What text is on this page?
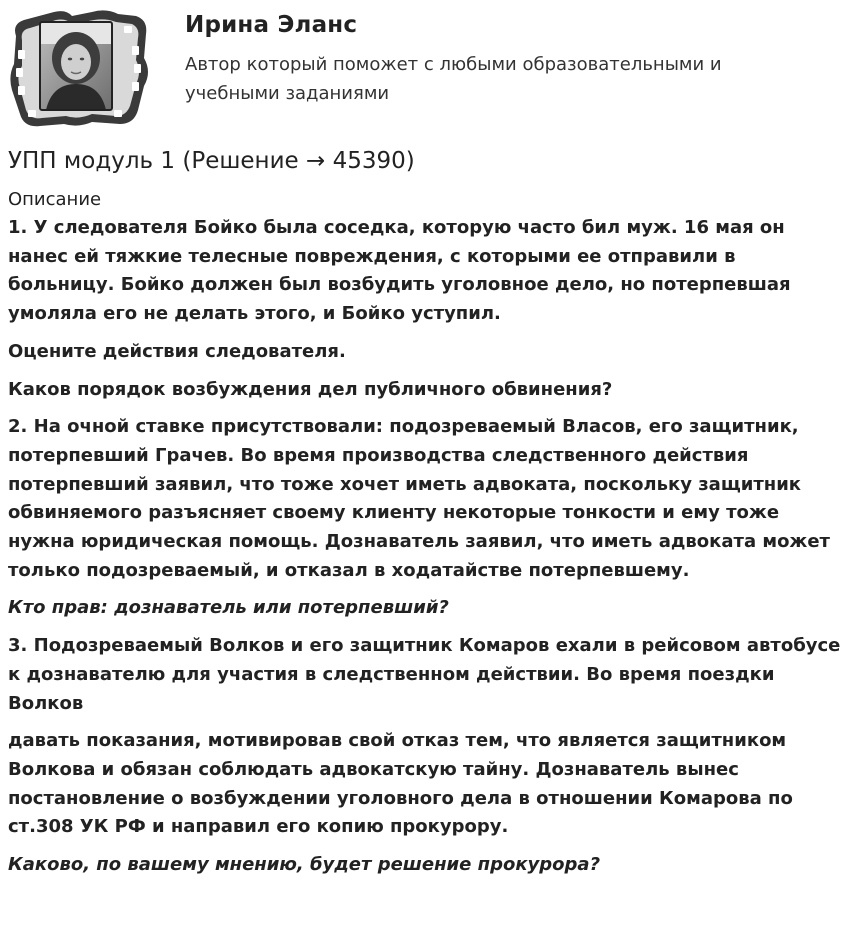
Ирина Эланс
Автор который поможет с любыми образовательными и учебными заданиями
УПП модуль 1 (Решение → 45390)
Описание

1. У следователя Бойко была соседка, которую часто бил муж. 16 мая он нанес ей тяжкие телесные повреждения, с которыми ее отправили в больницу. Бойко должен был возбудить уголовное дело, но потерпевшая умоляла его не делать этого, и Бойко уступил.

Оцените действия следователя.

Каков порядок возбуждения дел публичного обвинения?

2. На очной ставке присутствовали: подозреваемый Власов, его защитник, потерпевший Грачев. Во время производства следственного действия потерпевший заявил, что тоже хочет иметь адвоката, поскольку защитник обвиняемого разъясняет своему клиенту некоторые тонкости и ему тоже нужна юридическая помощь. Дознаватель заявил, что иметь адвоката может только подозреваемый, и отказал в ходатайстве потерпевшему.

Кто прав: дознаватель или потерпевший?

3. Подозреваемый Волков и его защитник Комаров ехали в рейсовом автобусе к дознавателю для участия в следственном действии. Во время поездки Волков

давать показания, мотивировав свой отказ тем, что является защитником Волкова и обязан соблюдать адвокатскую тайну. Дознаватель вынес постановление о возбуждении уголовного дела в отношении Комарова по ст.308 УК РФ и направил его копию прокурору.

Каково, по вашему мнению, будет решение прокурора?
